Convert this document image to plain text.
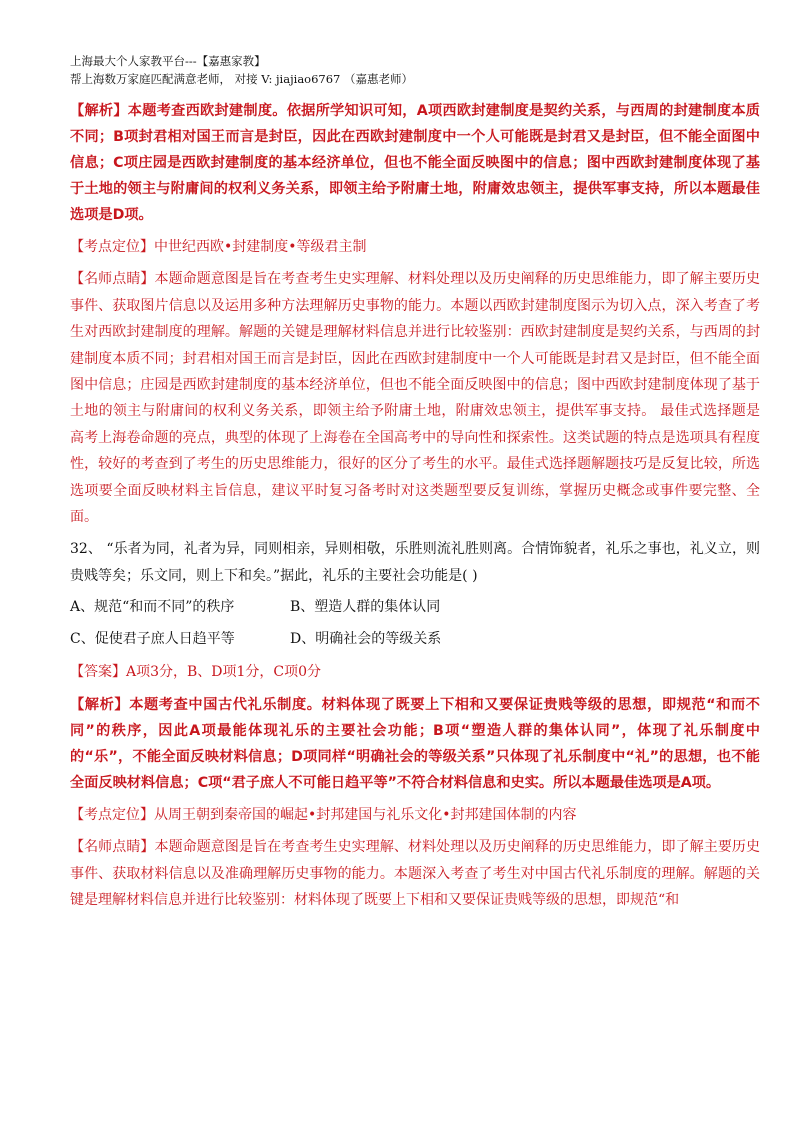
上海最大个人家教平台---【嘉惠家教】
帮上海数万家庭匹配满意老师， 对接 V: jiajiao6767 （嘉惠老师）

【解析】本题考查西欧封建制度。依据所学知识可知，A项西欧封建制度是契约关系，与西周的封建制度本质不同；B项封君相对国王而言是封臣，因此在西欧封建制度中一个人可能既是封君又是封臣，但不能全面图中信息；C项庄园是西欧封建制度的基本经济单位，但也不能全面反映图中的信息；图中西欧封建制度体现了基于土地的领主与附庸间的权利义务关系，即领主给予附庸土地，附庸效忠领主，提供军事支持，所以本题最佳选项是D项。

【考点定位】中世纪西欧•封建制度•等级君主制

【名师点睛】本题命题意图是旨在考查考生史实理解、材料处理以及历史阐释的历史思维能力，即了解主要历史事件、获取图片信息以及运用多种方法理解历史事物的能力。本题以西欧封建制度图示为切入点，深入考查了考生对西欧封建制度的理解。解题的关键是理解材料信息并进行比较鉴别：西欧封建制度是契约关系，与西周的封建制度本质不同；封君相对国王而言是封臣，因此在西欧封建制度中一个人可能既是封君又是封臣，但不能全面图中信息；庄园是西欧封建制度的基本经济单位，但也不能全面反映图中的信息；图中西欧封建制度体现了基于土地的领主与附庸间的权利义务关系，即领主给予附庸土地，附庸效忠领主，提供军事支持。 最佳式选择题是高考上海卷命题的亮点，典型的体现了上海卷在全国高考中的导向性和探索性。这类试题的特点是选项具有程度性，较好的考查到了考生的历史思维能力，很好的区分了考生的水平。最佳式选择题解题技巧是反复比较，所选选项要全面反映材料主旨信息，建议平时复习备考时对这类题型要反复训练，掌握历史概念或事件要完整、全面。

32、 “乐者为同，礼者为异，同则相亲，异则相敬，乐胜则流礼胜则离。合情饰貌者，礼乐之事也，礼义立，则贵贱等矣；乐文同，则上下和矣。”据此，礼乐的主要社会功能是( )

A、规范“和而不同”的秩序	B、塑造人群的集体认同
C、促使君子庶人日趋平等	D、明确社会的等级关系

【答案】A项3分，B、D项1分，C项0分

【解析】本题考查中国古代礼乐制度。材料体现了既要上下相和又要保证贵贱等级的思想，即规范“和而不同”的秩序，因此A项最能体现礼乐的主要社会功能；B项“塑造人群的集体认同”，体现了礼乐制度中的“乐”，不能全面反映材料信息；D项同样“明确社会的等级关系”只体现了礼乐制度中“礼”的思想，也不能全面反映材料信息；C项“君子庶人不可能日趋平等”不符合材料信息和史实。所以本题最佳选项是A项。

【考点定位】从周王朝到秦帝国的崛起•封邦建国与礼乐文化•封邦建国体制的内容

【名师点睛】本题命题意图是旨在考查考生史实理解、材料处理以及历史阐释的历史思维能力，即了解主要历史事件、获取材料信息以及准确理解历史事物的能力。本题深入考查了考生对中国古代礼乐制度的理解。解题的关键是理解材料信息并进行比较鉴别：材料体现了既要上下相和又要保证贵贱等级的思想，即规范“和
